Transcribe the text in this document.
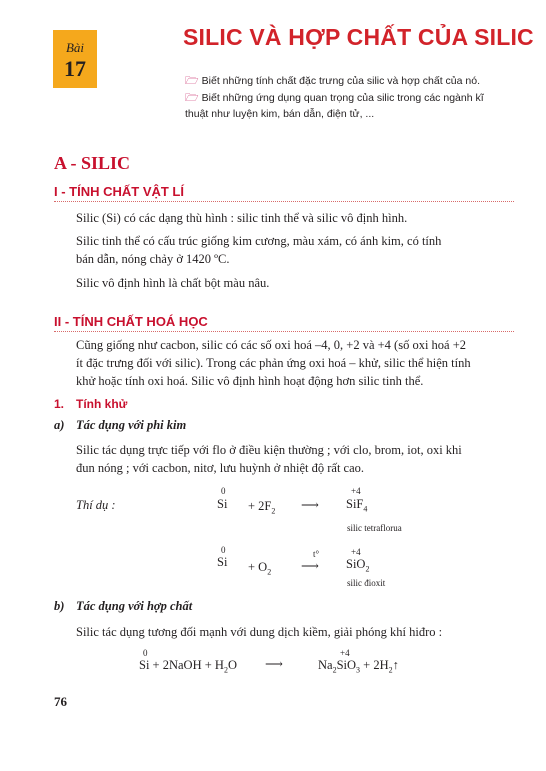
Bài
17
SILIC VÀ HỢP CHẤT CỦA SILIC
🗁 Biết những tính chất đặc trưng của silic và hợp chất của nó.
🗁 Biết những ứng dụng quan trọng của silic trong các ngành kĩ
thuật như luyện kim, bán dẫn, điện tử, ...
A - SILIC
I - TÍNH CHẤT VẬT LÍ
Silic (Si) có các dạng thù hình : silic tinh thể và silic vô định hình.
Silic tinh thể có cấu trúc giống kim cương, màu xám, có ánh kim, có tính
bán dẫn, nóng chảy ở 1420 ºC.
Silic vô định hình là chất bột màu nâu.
II - TÍNH CHẤT HOÁ HỌC
Cũng giống như cacbon, silic có các số oxi hoá –4, 0, +2 và +4 (số oxi hoá +2
ít đặc trưng đối với silic). Trong các phản ứng oxi hoá – khử, silic thể hiện tính
khử hoặc tính oxi hoá. Silic vô định hình hoạt động hơn silic tinh thể.
1. Tính khử
a) Tác dụng với phi kim
Silic tác dụng trực tiếp với flo ở điều kiện thường ; với clo, brom, iot, oxi khi
đun nóng ; với cacbon, nitơ, lưu huỳnh ở nhiệt độ rất cao.
Thí dụ :
0
$Si + 2F_2$ ⟶
+4
SiF$_4$
silic tetraflorua
0
$Si + O_2$
t°
⟶
+4
SiO$_2$
silic đioxit
b) Tác dụng với hợp chất
Silic tác dụng tương đối mạnh với dung dịch kiềm, giải phóng khí hiđro :
0
Si + 2NaOH + $H_2O$ ⟶
+4
$Na_2SiO_3$ + $2H_2↑$
76
